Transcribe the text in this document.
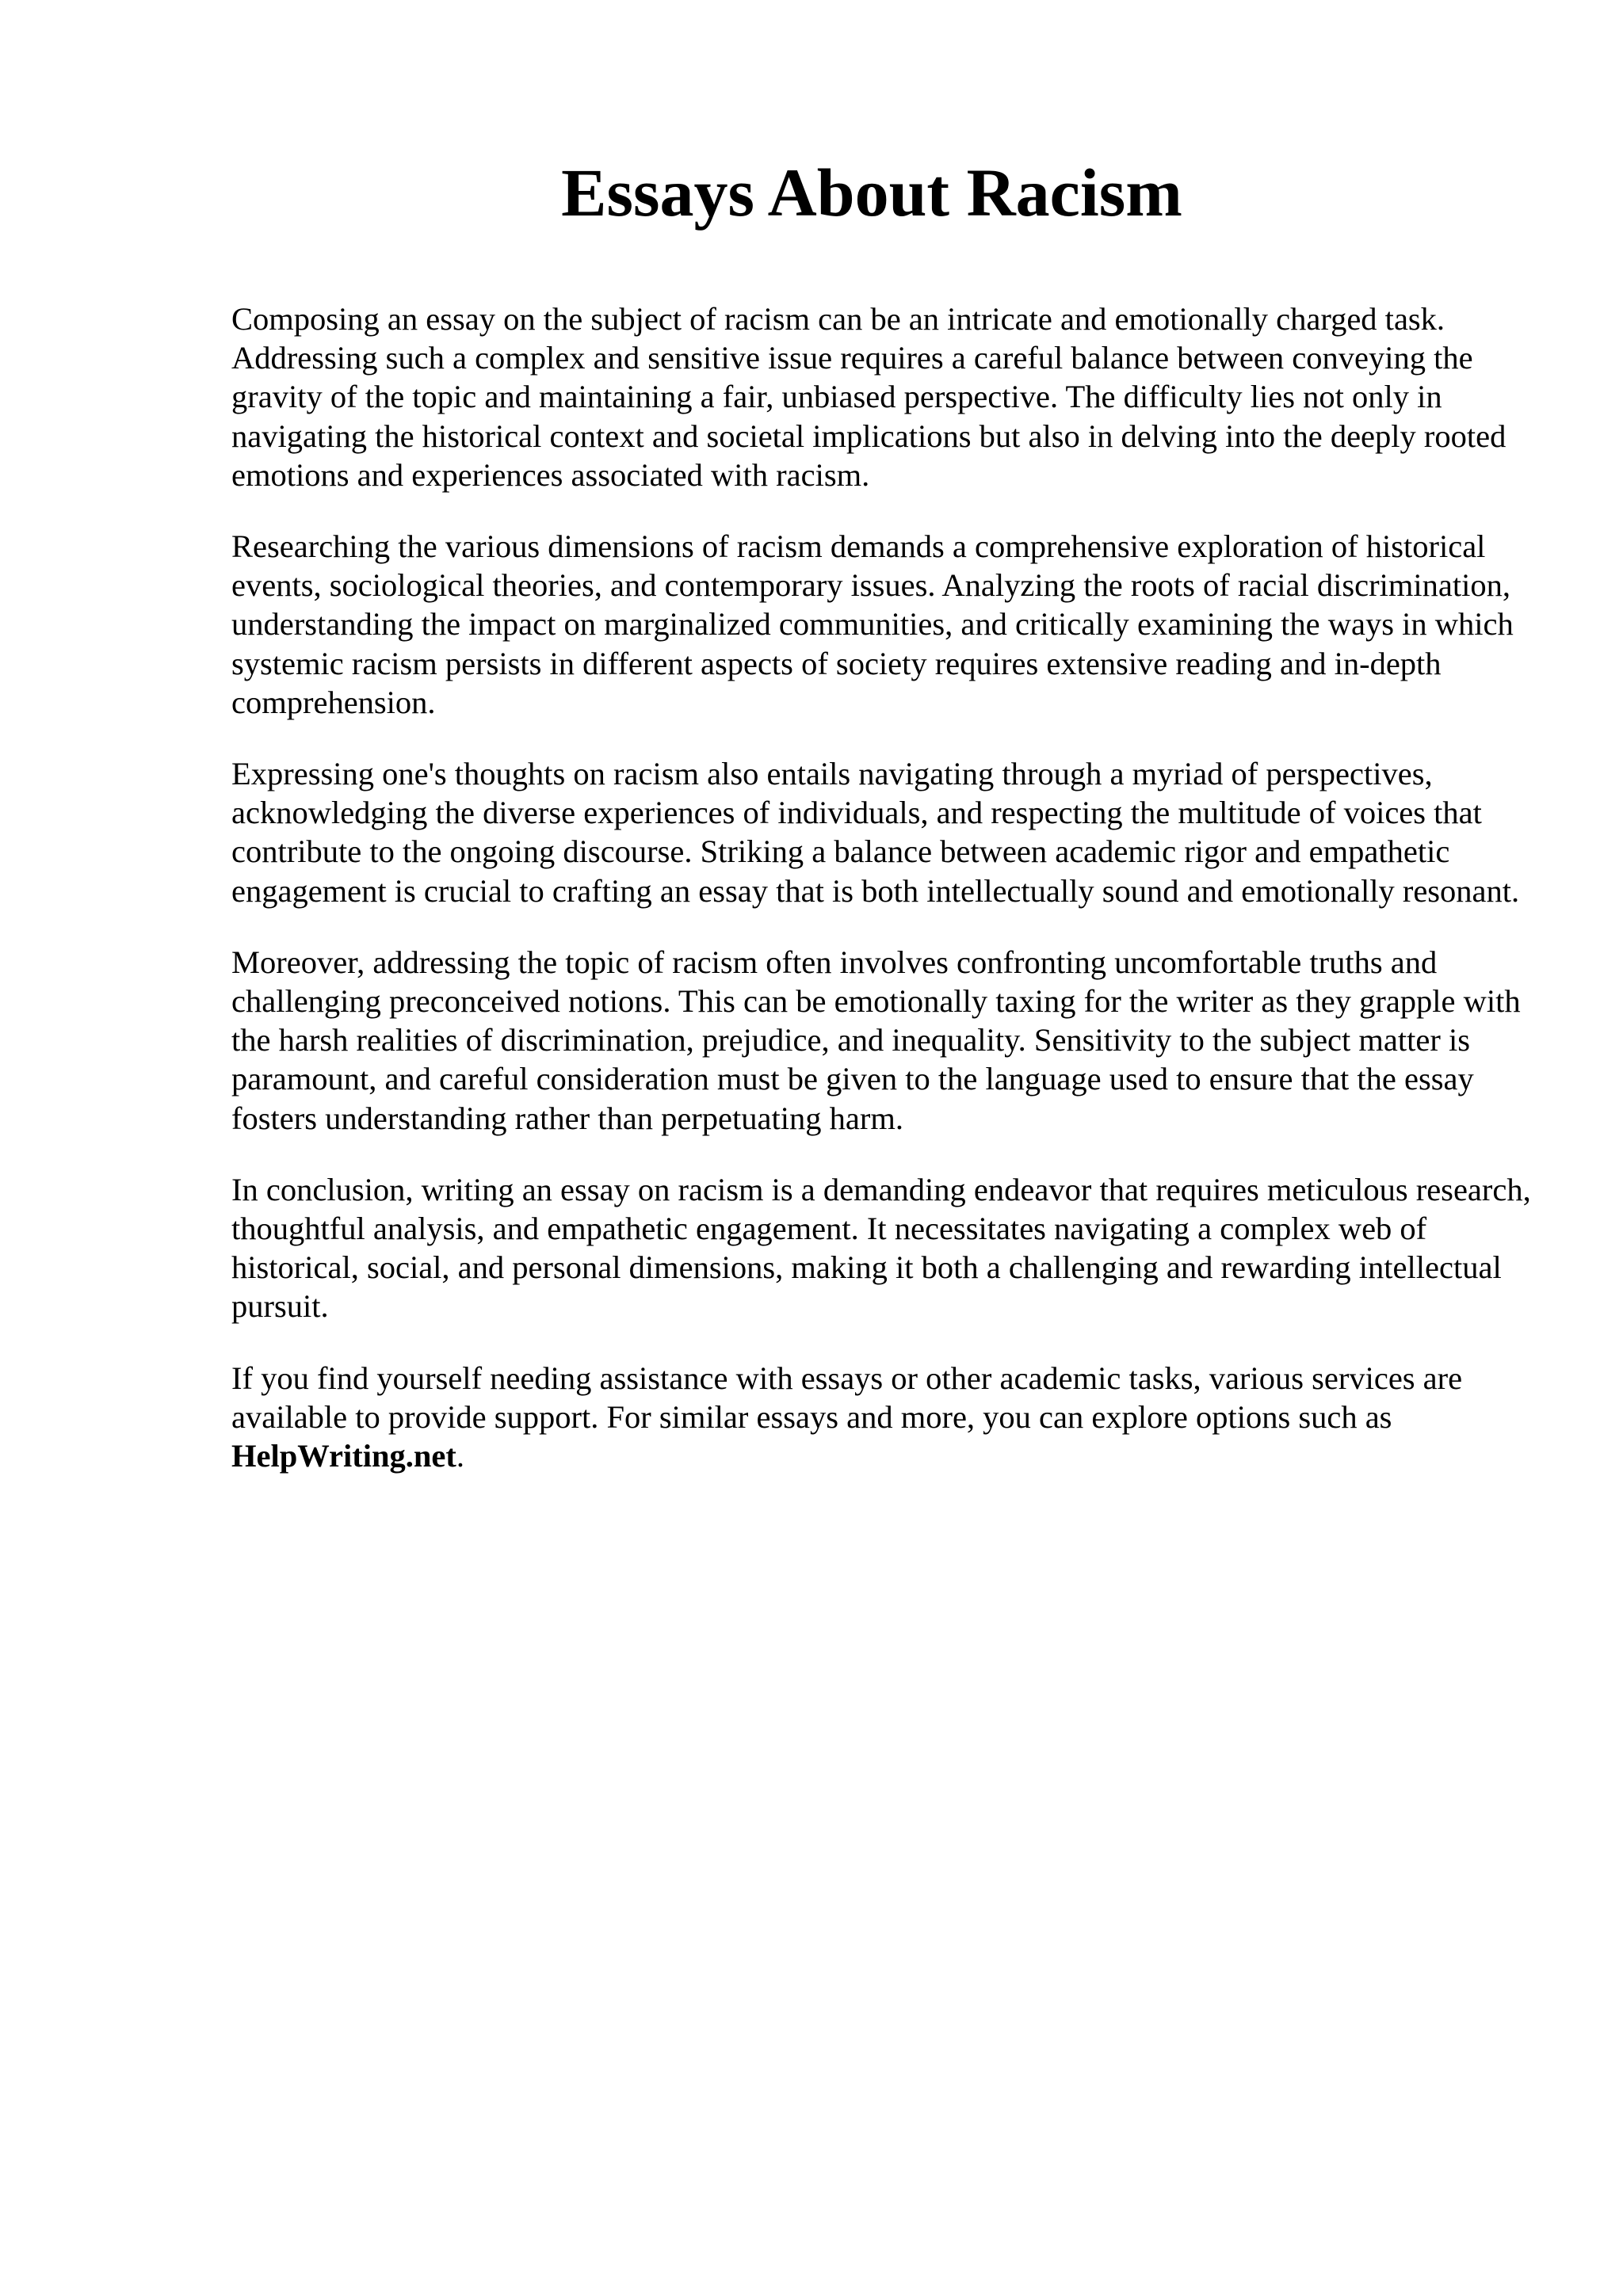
Essays About Racism

Composing an essay on the subject of racism can be an intricate and emotionally charged task. Addressing such a complex and sensitive issue requires a careful balance between conveying the gravity of the topic and maintaining a fair, unbiased perspective. The difficulty lies not only in navigating the historical context and societal implications but also in delving into the deeply rooted emotions and experiences associated with racism.

Researching the various dimensions of racism demands a comprehensive exploration of historical events, sociological theories, and contemporary issues. Analyzing the roots of racial discrimination, understanding the impact on marginalized communities, and critically examining the ways in which systemic racism persists in different aspects of society requires extensive reading and in-depth comprehension.

Expressing one's thoughts on racism also entails navigating through a myriad of perspectives, acknowledging the diverse experiences of individuals, and respecting the multitude of voices that contribute to the ongoing discourse. Striking a balance between academic rigor and empathetic engagement is crucial to crafting an essay that is both intellectually sound and emotionally resonant.

Moreover, addressing the topic of racism often involves confronting uncomfortable truths and challenging preconceived notions. This can be emotionally taxing for the writer as they grapple with the harsh realities of discrimination, prejudice, and inequality. Sensitivity to the subject matter is paramount, and careful consideration must be given to the language used to ensure that the essay fosters understanding rather than perpetuating harm.

In conclusion, writing an essay on racism is a demanding endeavor that requires meticulous research, thoughtful analysis, and empathetic engagement. It necessitates navigating a complex web of historical, social, and personal dimensions, making it both a challenging and rewarding intellectual pursuit.

If you find yourself needing assistance with essays or other academic tasks, various services are available to provide support. For similar essays and more, you can explore options such as HelpWriting.net.
